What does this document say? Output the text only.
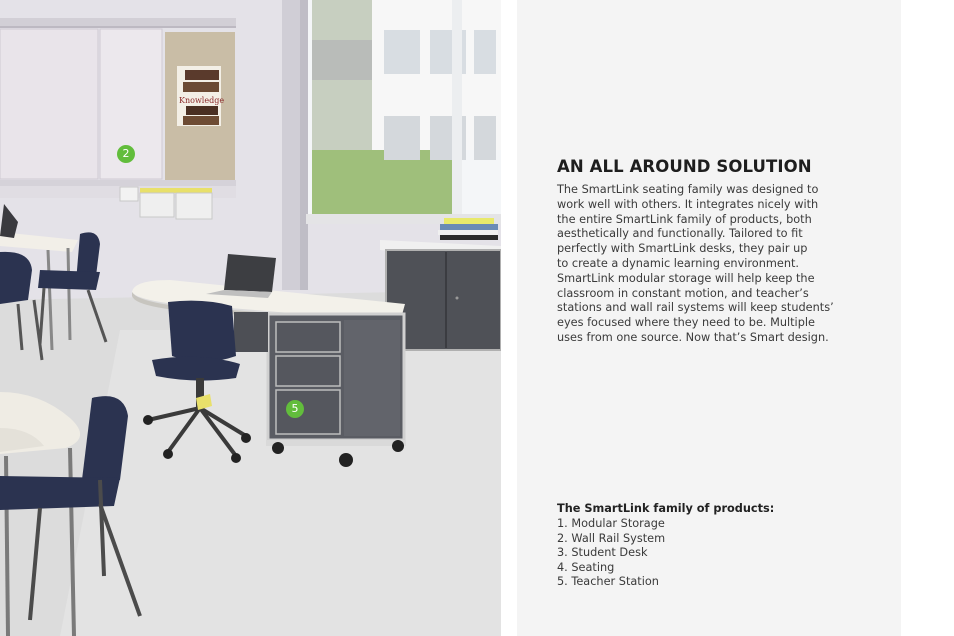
Knowledge
2
5
AN ALL AROUND SOLUTION

The SmartLink seating family was designed to
work well with others. It integrates nicely with
the entire SmartLink family of products, both
aesthetically and functionally. Tailored to fit
perfectly with SmartLink desks, they pair up
to create a dynamic learning environment.
SmartLink modular storage will help keep the
classroom in constant motion, and teacher’s
stations and wall rail systems will keep students’
eyes focused where they need to be. Multiple
uses from one source. Now that’s Smart design.

The SmartLink family of products:

1. Modular Storage
2. Wall Rail System
3. Student Desk
4. Seating
5. Teacher Station
